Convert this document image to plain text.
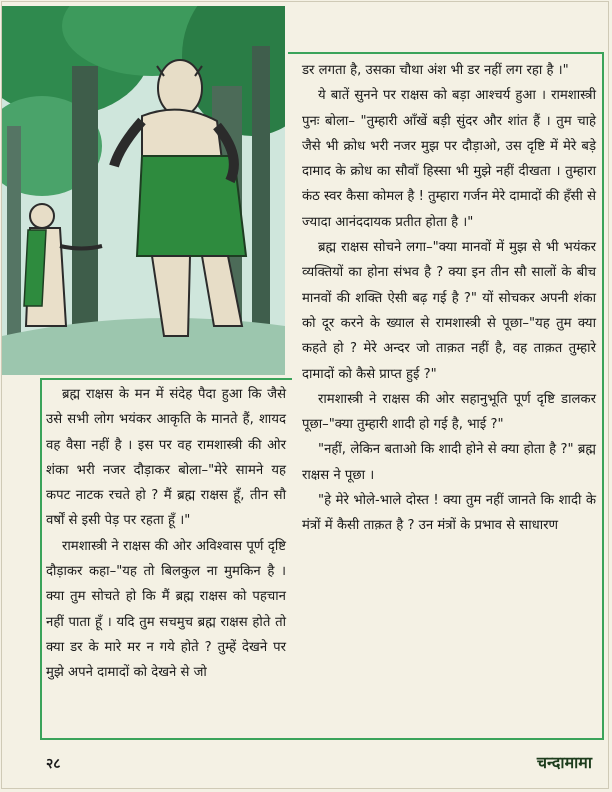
डर लगता है, उसका चौथा अंश भी डर नहीं लग रहा है ।"

ये बातें सुनने पर राक्षस को बड़ा आश्चर्य हुआ । रामशास्त्री पुनः बोला– "तुम्हारी आँखें बड़ी सुंदर और शांत हैं । तुम चाहे जैसे भी क्रोध भरी नजर मुझ पर दौड़ाओ, उस दृष्टि में मेरे बड़े दामाद के क्रोध का सौवाँ हिस्सा भी मुझे नहीं दीखता । तुम्हारा कंठ स्वर कैसा कोमल है ! तुम्हारा गर्जन मेरे दामादों की हँसी से ज्यादा आनंददायक प्रतीत होता है ।"

ब्रह्म राक्षस सोचने लगा–"क्या मानवों में मुझ से भी भयंकर व्यक्तियों का होना संभव है ? क्या इन तीन सौ सालों के बीच मानवों की शक्ति ऐसी बढ़ गई है ?" यों सोचकर अपनी शंका को दूर करने के ख्याल से रामशास्त्री से पूछा–"यह तुम क्या कहते हो ? मेरे अन्दर जो ताक़त नहीं है, वह ताक़त तुम्हारे दामादों को कैसे प्राप्त हुई ?"

रामशास्त्री ने राक्षस की ओर सहानुभूति पूर्ण दृष्टि डालकर पूछा–"क्या तुम्हारी शादी हो गई है, भाई ?"

"नहीं, लेकिन बताओ कि शादी होने से क्या होता है ?" ब्रह्म राक्षस ने पूछा ।

"हे मेरे भोले-भाले दोस्त ! क्या तुम नहीं जानते कि शादी के मंत्रों में कैसी ताक़त है ? उन मंत्रों के प्रभाव से साधारण

ब्रह्म राक्षस के मन में संदेह पैदा हुआ कि जैसे उसे सभी लोग भयंकर आकृति के मानते हैं, शायद वह वैसा नहीं है । इस पर वह रामशास्त्री की ओर शंका भरी नजर दौड़ाकर बोला–"मेरे सामने यह कपट नाटक रचते हो ? मैं ब्रह्म राक्षस हूँ, तीन सौ वर्षों से इसी पेड़ पर रहता हूँ ।"

रामशास्त्री ने राक्षस की ओर अविश्वास पूर्ण दृष्टि दौड़ाकर कहा–"यह तो बिलकुल ना मुमकिन है । क्या तुम सोचते हो कि मैं ब्रह्म राक्षस को पहचान नहीं पाता हूँ । यदि तुम सचमुच ब्रह्म राक्षस होते तो क्या डर के मारे मर न गये होते ? तुम्हें देखने पर मुझे अपने दामादों को देखने से जो

२८	चन्दामामा
